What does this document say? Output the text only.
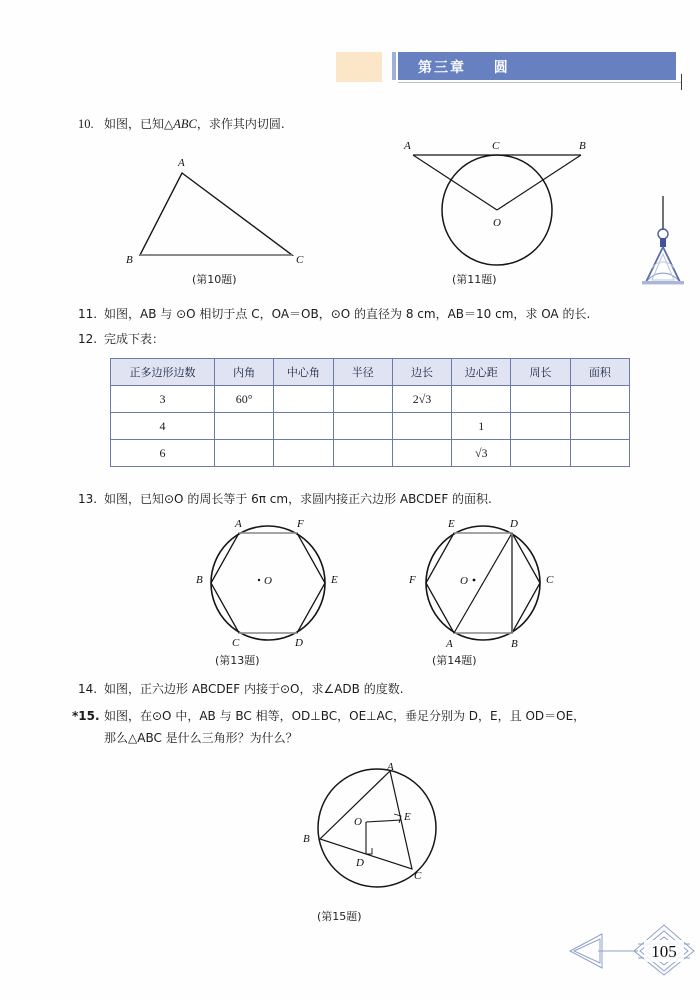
第三章 圆
10. 如图，已知△ABC，求作其内切圆.
A
B	C
(第10题)
A	C	B
O
(第11题)
11. 如图，AB 与 ⊙O 相切于点 C，OA＝OB，⊙O 的直径为 8 cm，AB＝10 cm，求 OA 的长.
12. 完成下表：
正多边形边数	内角	中心角	半径	边长	边心距	周长	面积
3	60°			2√3			
4					1		
6					√3		
13. 如图，已知⊙O 的周长等于 6π cm，求圆内接正六边形 ABCDEF 的面积.
A	F
B	E
C	D
O
(第13题)
E	D
F	C
A	B
O
(第14题)
14. 如图，正六边形 ABCDEF 内接于⊙O，求∠ADB 的度数.
*15. 如图，在⊙O 中，AB 与 BC 相等，OD⊥BC，OE⊥AC，垂足分别为 D，E，且 OD＝OE，
那么△ABC 是什么三角形？为什么？
A
B
C
D
E
O
(第15题)
105
